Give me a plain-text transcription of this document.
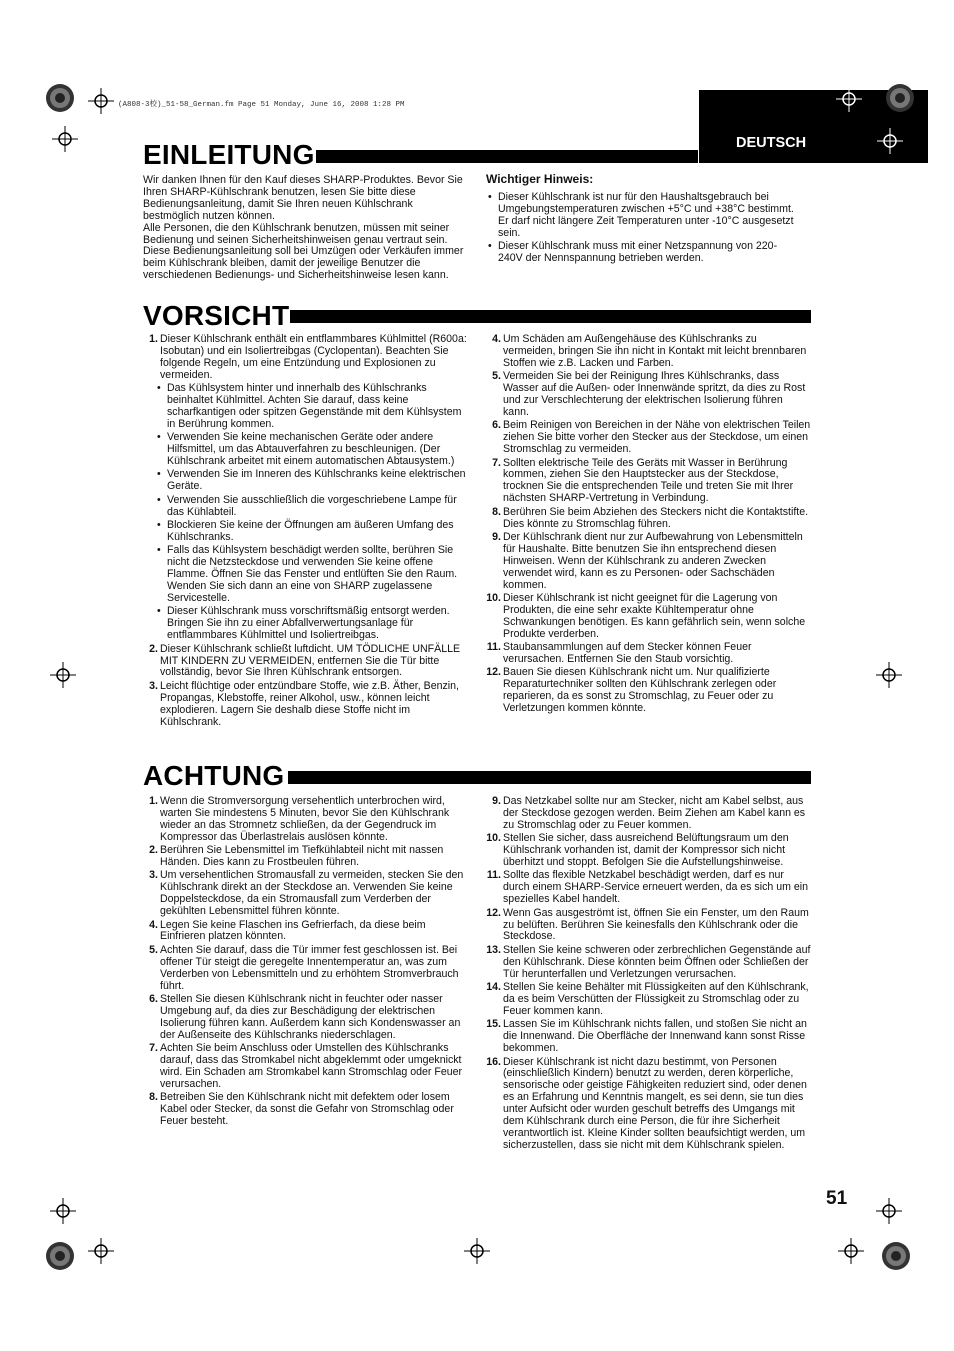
(A808-3校)_51-58_German.fm Page 51 Monday, June 16, 2008 1:28 PM
DEUTSCH
EINLEITUNG

Wir danken Ihnen für den Kauf dieses SHARP-Produktes. Bevor Sie Ihren SHARP-Kühlschrank benutzen, lesen Sie bitte diese Bedienungsanleitung, damit Sie Ihren neuen Kühlschrank bestmöglich nutzen können.

Alle Personen, die den Kühlschrank benutzen, müssen mit seiner Bedienung und seinen Sicherheitshinweisen genau vertraut sein. Diese Bedienungsanleitung soll bei Umzügen oder Verkäufen immer beim Kühlschrank bleiben, damit der jeweilige Benutzer die verschiedenen Bedienungs- und Sicherheitshinweise lesen kann.

Wichtiger Hinweis:
• Dieser Kühlschrank ist nur für den Haushaltsgebrauch bei Umgebungstemperaturen zwischen +5°C und +38°C bestimmt. Er darf nicht längere Zeit Temperaturen unter -10°C ausgesetzt sein.
• Dieser Kühlschrank muss mit einer Netzspannung von 220- 240V der Nennspannung betrieben werden.
VORSICHT
1. Dieser Kühlschrank enthält ein entflammbares Kühlmittel (R600a: Isobutan) und ein Isoliertreibgas (Cyclopentan). Beachten Sie folgende Regeln, um eine Entzündung und Explosionen zu vermeiden.
• Das Kühlsystem hinter und innerhalb des Kühlschranks beinhaltet Kühlmittel. Achten Sie darauf, dass keine scharfkantigen oder spitzen Gegenstände mit dem Kühlsystem in Berührung kommen.
• Verwenden Sie keine mechanischen Geräte oder andere Hilfsmittel, um das Abtauverfahren zu beschleunigen. (Der Kühlschrank arbeitet mit einem automatischen Abtausystem.)
• Verwenden Sie im Inneren des Kühlschranks keine elektrischen Geräte.
• Verwenden Sie ausschließlich die vorgeschriebene Lampe für das Kühlabteil.
• Blockieren Sie keine der Öffnungen am äußeren Umfang des Kühlschranks.
• Falls das Kühlsystem beschädigt werden sollte, berühren Sie nicht die Netzsteckdose und verwenden Sie keine offene Flamme. Öffnen Sie das Fenster und entlüften Sie den Raum. Wenden Sie sich dann an eine von SHARP zugelassene Servicestelle.
• Dieser Kühlschrank muss vorschriftsmäßig entsorgt werden. Bringen Sie ihn zu einer Abfallverwertungsanlage für entflammbares Kühlmittel und Isoliertreibgas.
2. Dieser Kühlschrank schließt luftdicht. UM TÖDLICHE UNFÄLLE MIT KINDERN ZU VERMEIDEN, entfernen Sie die Tür bitte vollständig, bevor Sie Ihren Kühlschrank entsorgen.
3. Leicht flüchtige oder entzündbare Stoffe, wie z.B. Äther, Benzin, Propangas, Klebstoffe, reiner Alkohol, usw., können leicht explodieren. Lagern Sie deshalb diese Stoffe nicht im Kühlschrank.
4. Um Schäden am Außengehäuse des Kühlschranks zu vermeiden, bringen Sie ihn nicht in Kontakt mit leicht brennbaren Stoffen wie z.B. Lacken und Farben.
5. Vermeiden Sie bei der Reinigung Ihres Kühlschranks, dass Wasser auf die Außen- oder Innenwände spritzt, da dies zu Rost und zur Verschlechterung der elektrischen Isolierung führen kann.
6. Beim Reinigen von Bereichen in der Nähe von elektrischen Teilen ziehen Sie bitte vorher den Stecker aus der Steckdose, um einen Stromschlag zu vermeiden.
7. Sollten elektrische Teile des Geräts mit Wasser in Berührung kommen, ziehen Sie den Hauptstecker aus der Steckdose, trocknen Sie die entsprechenden Teile und treten Sie mit Ihrer nächsten SHARP-Vertretung in Verbindung.
8. Berühren Sie beim Abziehen des Steckers nicht die Kontaktstifte. Dies könnte zu Stromschlag führen.
9. Der Kühlschrank dient nur zur Aufbewahrung von Lebensmitteln für Haushalte. Bitte benutzen Sie ihn entsprechend diesen Hinweisen. Wenn der Kühlschrank zu anderen Zwecken verwendet wird, kann es zu Personen- oder Sachschäden kommen.
10. Dieser Kühlschrank ist nicht geeignet für die Lagerung von Produkten, die eine sehr exakte Kühltemperatur ohne Schwankungen benötigen. Es kann gefährlich sein, wenn solche Produkte verderben.
11. Staubansammlungen auf dem Stecker können Feuer verursachen. Entfernen Sie den Staub vorsichtig.
12. Bauen Sie diesen Kühlschrank nicht um. Nur qualifizierte Reparaturtechniker sollten den Kühlschrank zerlegen oder reparieren, da es sonst zu Stromschlag, zu Feuer oder zu Verletzungen kommen könnte.
ACHTUNG
1. Wenn die Stromversorgung versehentlich unterbrochen wird, warten Sie mindestens 5 Minuten, bevor Sie den Kühlschrank wieder an das Stromnetz schließen, da der Gegendruck im Kompressor das Überlastrelais auslösen könnte.
2. Berühren Sie Lebensmittel im Tiefkühlabteil nicht mit nassen Händen. Dies kann zu Frostbeulen führen.
3. Um versehentlichen Stromausfall zu vermeiden, stecken Sie den Kühlschrank direkt an der Steckdose an. Verwenden Sie keine Doppelsteckdose, da ein Stromausfall zum Verderben der gekühlten Lebensmittel führen könnte.
4. Legen Sie keine Flaschen ins Gefrierfach, da diese beim Einfrieren platzen könnten.
5. Achten Sie darauf, dass die Tür immer fest geschlossen ist. Bei offener Tür steigt die geregelte Innentemperatur an, was zum Verderben von Lebensmitteln und zu erhöhtem Stromverbrauch führt.
6. Stellen Sie diesen Kühlschrank nicht in feuchter oder nasser Umgebung auf, da dies zur Beschädigung der elektrischen Isolierung führen kann. Außerdem kann sich Kondenswasser an der Außenseite des Kühlschranks niederschlagen.
7. Achten Sie beim Anschluss oder Umstellen des Kühlschranks darauf, dass das Stromkabel nicht abgeklemmt oder umgeknickt wird. Ein Schaden am Stromkabel kann Stromschlag oder Feuer verursachen.
8. Betreiben Sie den Kühlschrank nicht mit defektem oder losem Kabel oder Stecker, da sonst die Gefahr von Stromschlag oder Feuer besteht.
9. Das Netzkabel sollte nur am Stecker, nicht am Kabel selbst, aus der Steckdose gezogen werden. Beim Ziehen am Kabel kann es zu Stromschlag oder zu Feuer kommen.
10. Stellen Sie sicher, dass ausreichend Belüftungsraum um den Kühlschrank vorhanden ist, damit der Kompressor sich nicht überhitzt und stoppt. Befolgen Sie die Aufstellungshinweise.
11. Sollte das flexible Netzkabel beschädigt werden, darf es nur durch einem SHARP-Service erneuert werden, da es sich um ein spezielles Kabel handelt.
12. Wenn Gas ausgeströmt ist, öffnen Sie ein Fenster, um den Raum zu belüften. Berühren Sie keinesfalls den Kühlschrank oder die Steckdose.
13. Stellen Sie keine schweren oder zerbrechlichen Gegenstände auf den Kühlschrank. Diese könnten beim Öffnen oder Schließen der Tür herunterfallen und Verletzungen verursachen.
14. Stellen Sie keine Behälter mit Flüssigkeiten auf den Kühlschrank, da es beim Verschütten der Flüssigkeit zu Stromschlag oder zu Feuer kommen kann.
15. Lassen Sie im Kühlschrank nichts fallen, und stoßen Sie nicht an die Innenwand. Die Oberfläche der Innenwand kann sonst Risse bekommen.
16. Dieser Kühlschrank ist nicht dazu bestimmt, von Personen (einschließlich Kindern) benutzt zu werden, deren körperliche, sensorische oder geistige Fähigkeiten reduziert sind, oder denen es an Erfahrung und Kenntnis mangelt, es sei denn, sie tun dies unter Aufsicht oder wurden geschult betreffs des Umgangs mit dem Kühlschrank durch eine Person, die für ihre Sicherheit verantwortlich ist. Kleine Kinder sollten beaufsichtigt werden, um sicherzustellen, dass sie nicht mit dem Kühlschrank spielen.
51
